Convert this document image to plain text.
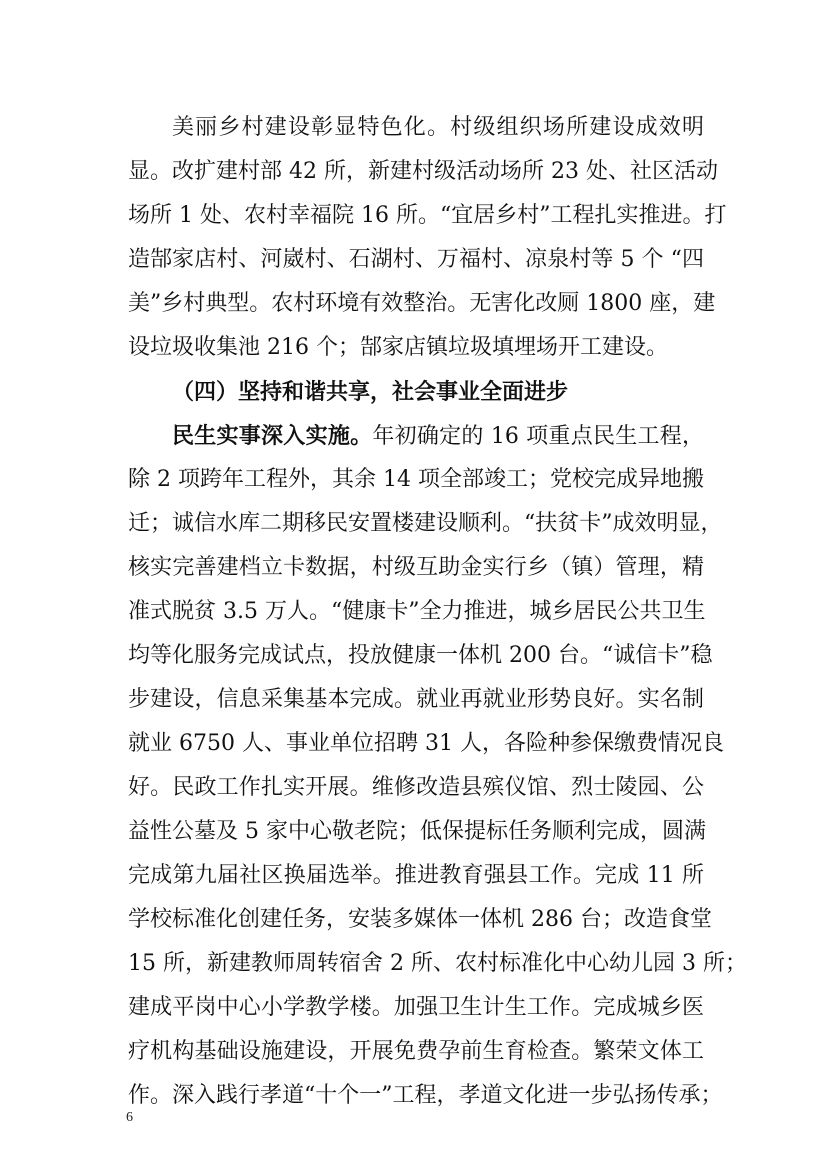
美丽乡村建设彰显特色化。村级组织场所建设成效明
显。改扩建村部 42 所，新建村级活动场所 23 处、社区活动
场所 1 处、农村幸福院 16 所。“宜居乡村”工程扎实推进。打
造郜家店村、河崴村、石湖村、万福村、凉泉村等 5 个 “四
美”乡村典型。农村环境有效整治。无害化改厕 1800 座，建
设垃圾收集池 216 个；郜家店镇垃圾填埋场开工建设。
（四）坚持和谐共享，社会事业全面进步
民生实事深入实施。年初确定的 16 项重点民生工程，
除 2 项跨年工程外，其余 14 项全部竣工；党校完成异地搬
迁；诚信水库二期移民安置楼建设顺利。“扶贫卡”成效明显，
核实完善建档立卡数据，村级互助金实行乡（镇）管理，精
准式脱贫 3.5 万人。“健康卡”全力推进，城乡居民公共卫生
均等化服务完成试点，投放健康一体机 200 台。“诚信卡”稳
步建设，信息采集基本完成。就业再就业形势良好。实名制
就业 6750 人、事业单位招聘 31 人，各险种参保缴费情况良
好。民政工作扎实开展。维修改造县殡仪馆、烈士陵园、公
益性公墓及 5 家中心敬老院；低保提标任务顺利完成，圆满
完成第九届社区换届选举。推进教育强县工作。完成 11 所
学校标准化创建任务，安装多媒体一体机 286 台；改造食堂
15 所，新建教师周转宿舍 2 所、农村标准化中心幼儿园 3 所；
建成平岗中心小学教学楼。加强卫生计生工作。完成城乡医
疗机构基础设施建设，开展免费孕前生育检查。繁荣文体工
作。深入践行孝道“十个一”工程，孝道文化进一步弘扬传承；
6
